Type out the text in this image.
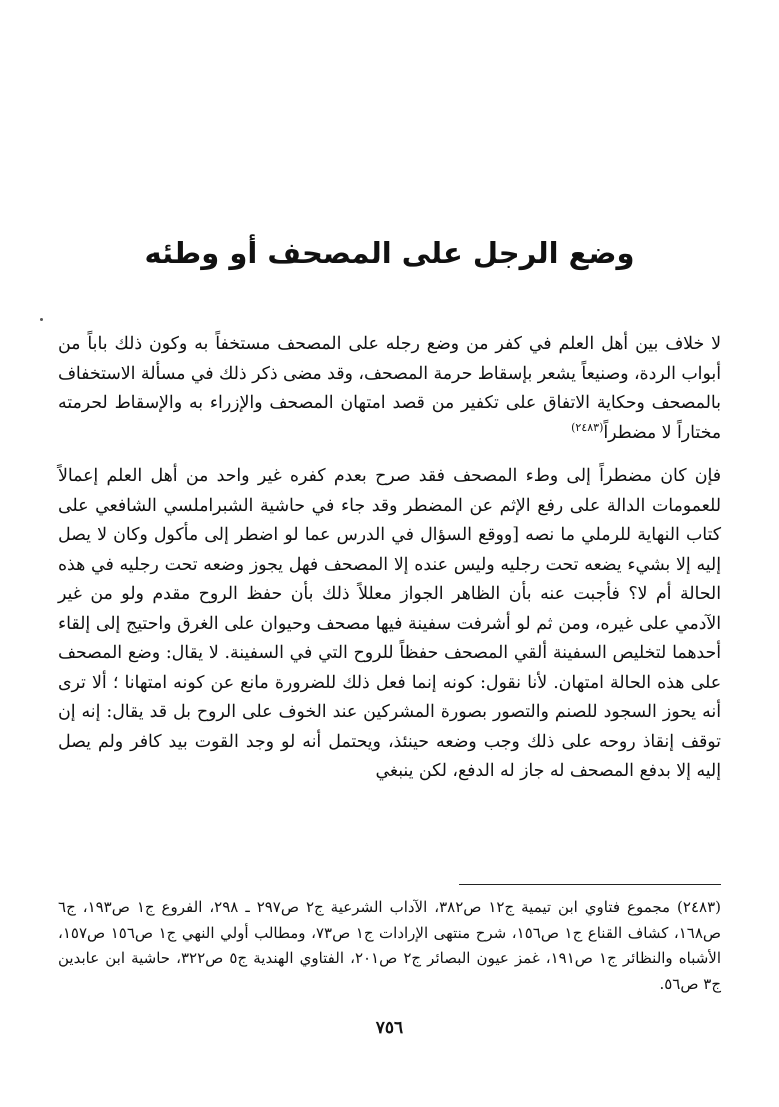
وضع الرجل على المصحف أو وطئه

لا خلاف بين أهل العلم في كفر من وضع رجله على المصحف مستخفاً به وكون ذلك باباً من أبواب الردة، وصنيعاً يشعر بإسقاط حرمة المصحف، وقد مضى ذكر ذلك في مسألة الاستخفاف بالمصحف وحكاية الاتفاق على تكفير من قصد امتهان المصحف والإزراء به والإسقاط لحرمته مختاراً لا مضطراً$^{(٢٤٨٣)}$

فإن كان مضطراً إلى وطء المصحف فقد صرح بعدم كفره غير واحد من أهل العلم إعمالاً للعمومات الدالة على رفع الإثم عن المضطر وقد جاء في حاشية الشبراملسي الشافعي على كتاب النهاية للرملي ما نصه [ووقع السؤال في الدرس عما لو اضطر إلى مأكول وكان لا يصل إليه إلا بشيء يضعه تحت رجليه وليس عنده إلا المصحف فهل يجوز وضعه تحت رجليه في هذه الحالة أم لا؟ فأجبت عنه بأن الظاهر الجواز معللاً ذلك بأن حفظ الروح مقدم ولو من غير الآدمي على غيره، ومن ثم لو أشرفت سفينة فيها مصحف وحيوان على الغرق واحتيج إلى إلقاء أحدهما لتخليص السفينة ألقي المصحف حفظاً للروح التي في السفينة. لا يقال: وضع المصحف على هذه الحالة امتهان. لأنا نقول: كونه إنما فعل ذلك للضرورة مانع عن كونه امتهانا ؛ ألا ترى أنه يحوز السجود للصنم والتصور بصورة المشركين عند الخوف على الروح بل قد يقال: إنه إن توقف إنقاذ روحه على ذلك وجب وضعه حينئذ، ويحتمل أنه لو وجد القوت بيد كافر ولم يصل إليه إلا بدفع المصحف له جاز له الدفع، لكن ينبغي

(٢٤٨٣) مجموع فتاوي ابن تيمية ج١٢ ص٣٨٢، الآداب الشرعية ج٢ ص٢٩٧ ـ ٢٩٨، الفروع ج١ ص١٩٣، ج٦ ص١٦٨، كشاف القناع ج١ ص١٥٦، شرح منتهى الإرادات ج١ ص٧٣، ومطالب أولي النهي ج١ ص١٥٦ ص١٥٧، الأشباه والنظائر ج١ ص١٩١، غمز عيون البصائر ج٢ ص٢٠١، الفتاوي الهندية ج٥ ص٣٢٢، حاشية ابن عابدين ج٣ ص٥٦.

٧٥٦
